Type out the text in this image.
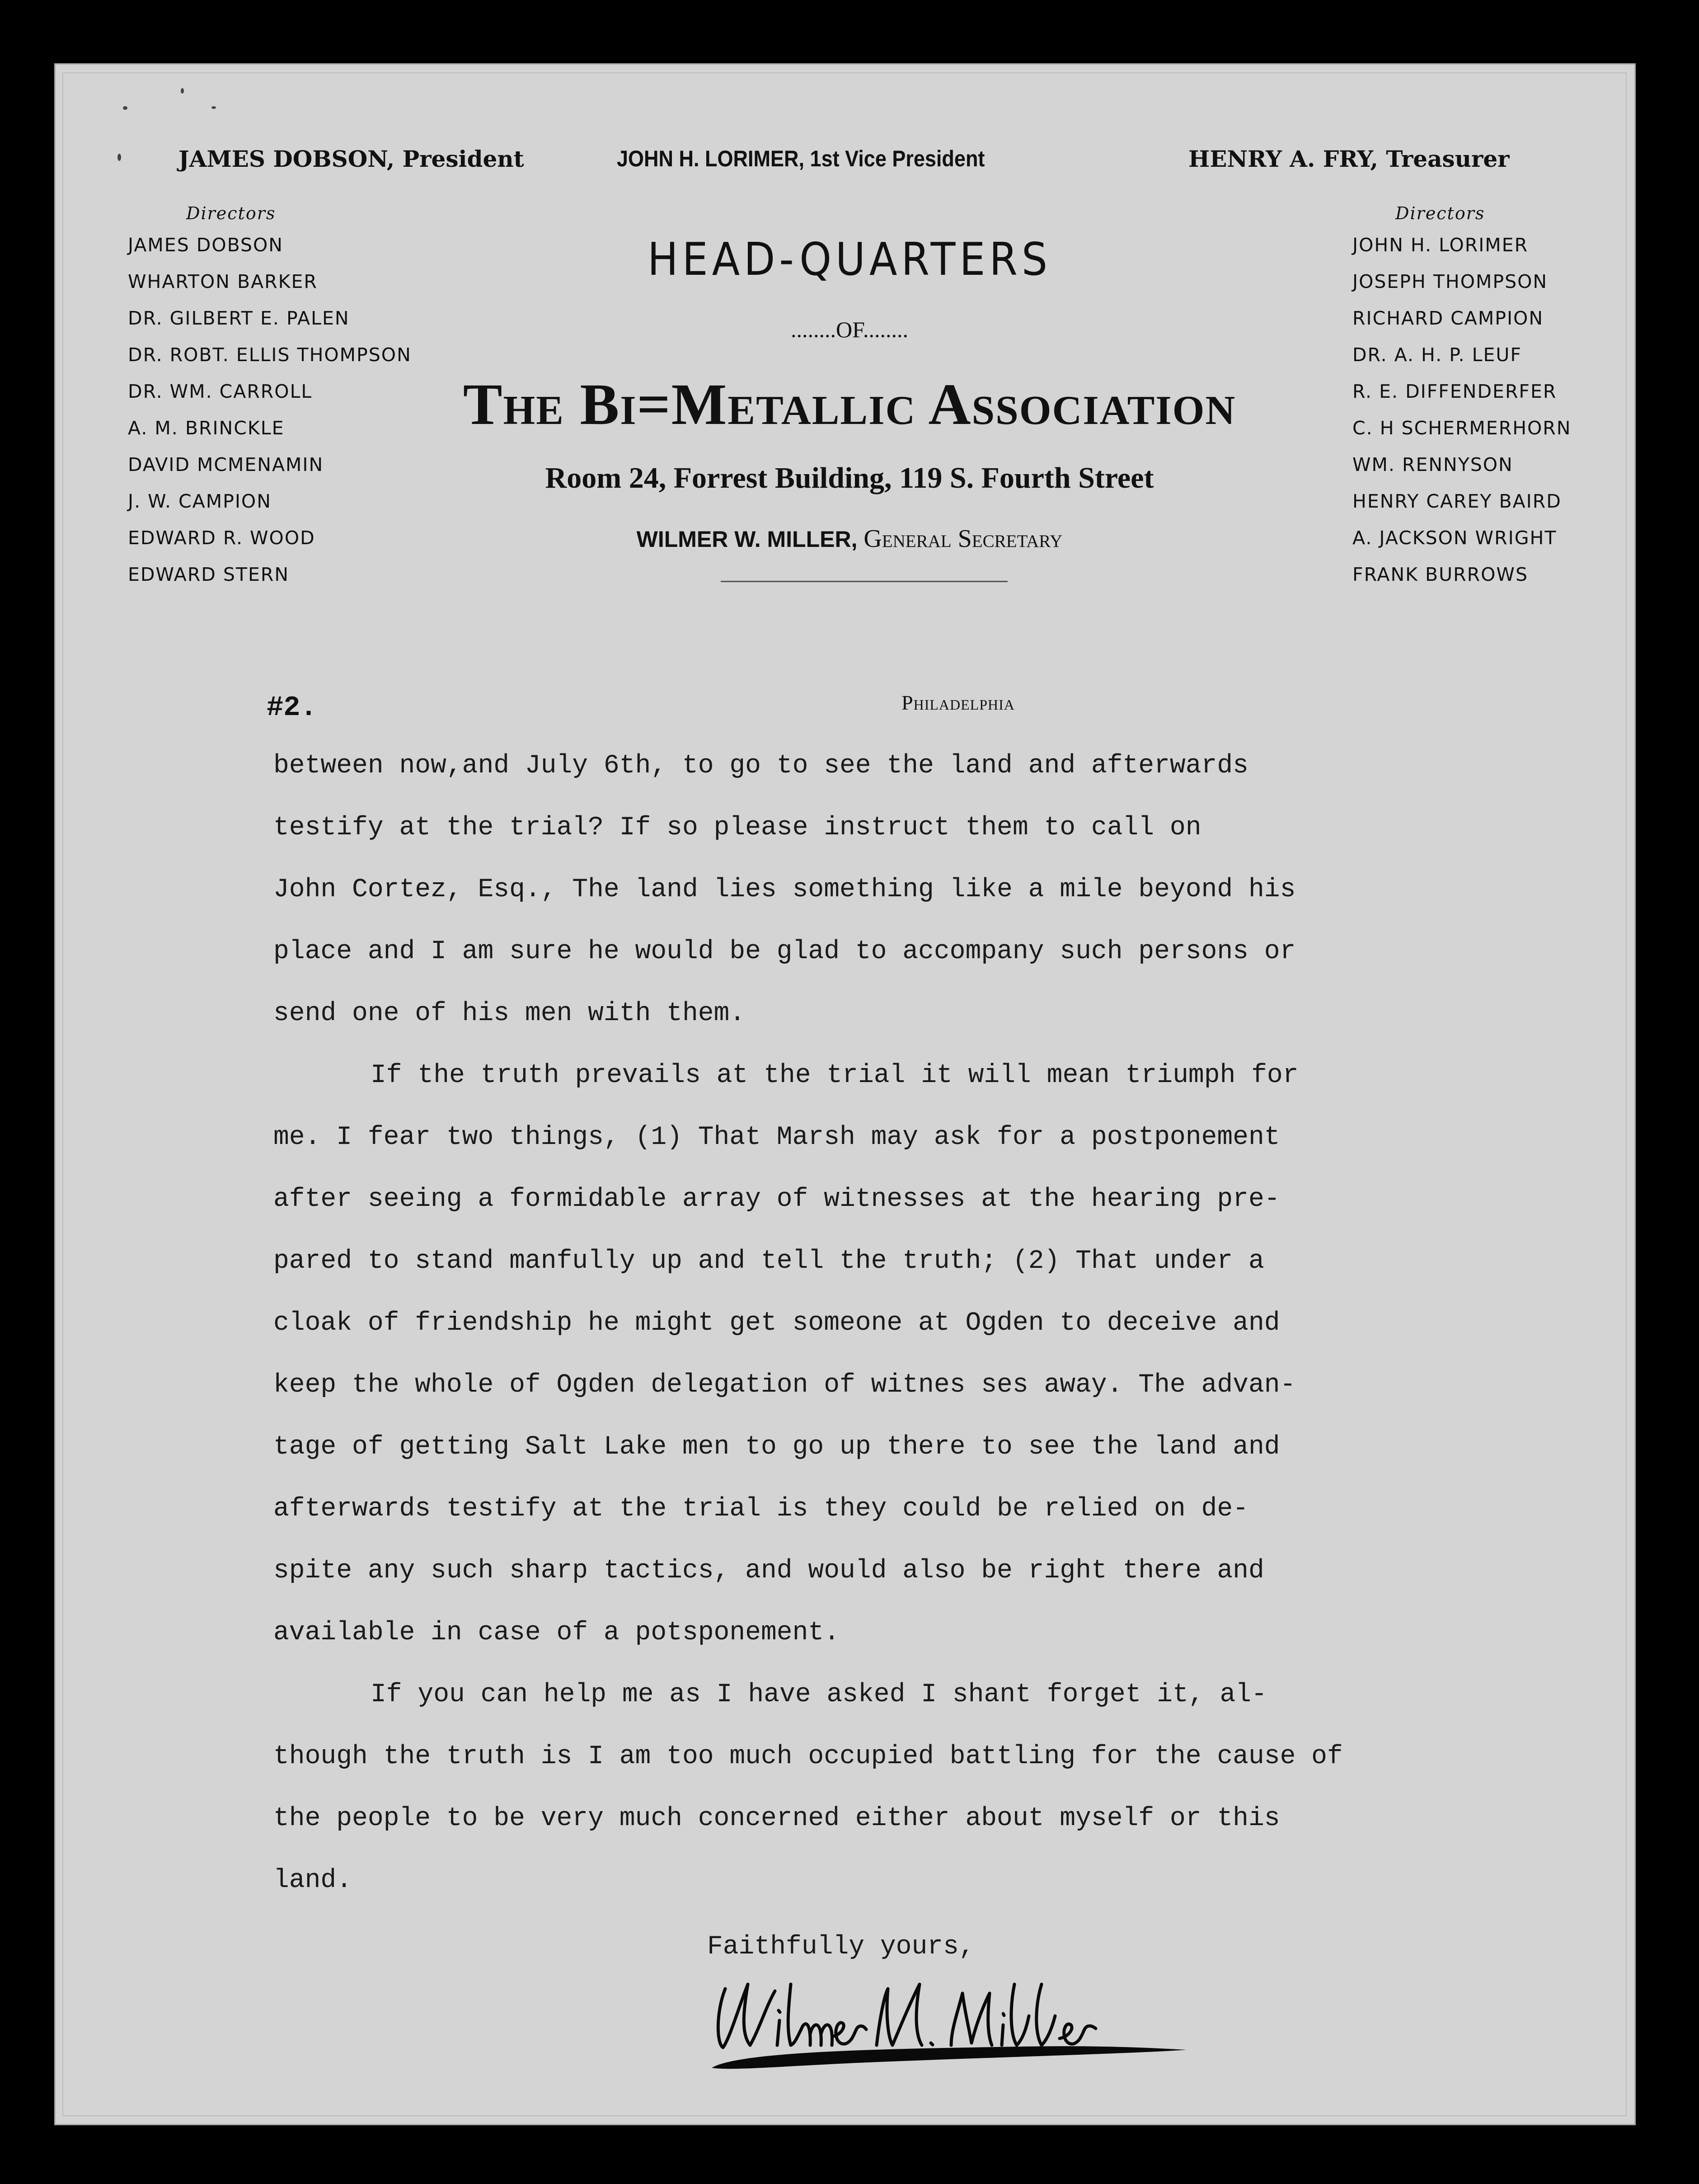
JAMES DOBSON, President	JOHN H. LORIMER, 1st Vice President	HENRY A. FRY, Treasurer
Directors	Directors
JAMES DOBSON
WHARTON BARKER
DR. GILBERT E. PALEN
DR. ROBT. ELLIS THOMPSON
DR. WM. CARROLL
A. M. BRINCKLE
DAVID MCMENAMIN
J. W. CAMPION
EDWARD R. WOOD
EDWARD STERN
JOHN H. LORIMER
JOSEPH THOMPSON
RICHARD CAMPION
DR. A. H. P. LEUF
R. E. DIFFENDERFER
C. H SCHERMERHORN
WM. RENNYSON
HENRY CAREY BAIRD
A. JACKSON WRIGHT
FRANK BURROWS
HEAD-QUARTERS
........OF........
The Bi=Metallic Association
Room 24, Forrest Building, 119 S. Fourth Street
WILMER W. MILLER, General Secretary
#2.	Philadelphia
between now,and July 6th, to go to see the land and afterwards
testify at the trial? If so please instruct them to call on
John Cortez, Esq., The land lies something like a mile beyond his
place and I am sure he would be glad to accompany such persons or
send one of his men with them.
If the truth prevails at the trial it will mean triumph for
me. I fear two things, (1) That Marsh may ask for a postponement
after seeing a formidable array of witnesses at the hearing pre-
pared to stand manfully up and tell the truth; (2) That under a
cloak of friendship he might get someone at Ogden to deceive and
keep the whole of Ogden delegation of witnes ses away. The advan-
tage of getting Salt Lake men to go up there to see the land and
afterwards testify at the trial is they could be relied on de-
spite any such sharp tactics, and would also be right there and
available in case of a potsponement.
If you can help me as I have asked I shant forget it, al-
though the truth is I am too much occupied battling for the cause of
the people to be very much concerned either about myself or this
land.
Faithfully yours,
